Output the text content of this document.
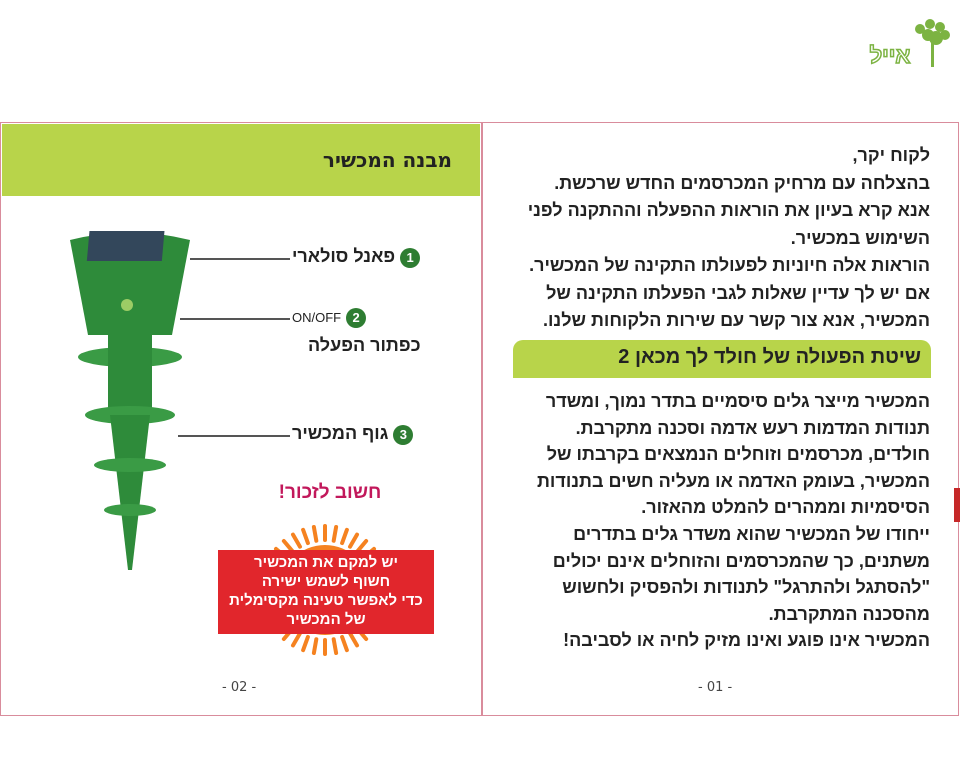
אייל
מבנה המכשיר
1 פאנל סולארי
2 ON/OFF
כפתור הפעלה
3 גוף המכשיר
חשוב לזכור!
יש למקם את המכשיר
חשוף לשמש ישירה
כדי לאפשר טעינה מקסימלית
של המכשיר
- 02 -
לקוח יקר,
בהצלחה עם מרחיק המכרסמים החדש שרכשת.
אנא קרא בעיון את הוראות ההפעלה וההתקנה לפני
השימוש במכשיר.
הוראות אלה חיוניות לפעולתו התקינה של המכשיר.
אם יש לך עדיין שאלות לגבי הפעלתו התקינה של
המכשיר, אנא צור קשר עם שירות הלקוחות שלנו.
שיטת הפעולה של חולד לך מכאן 2
המכשיר מייצר גלים סיסמיים בתדר נמוך, ומשדר
תנודות המדמות רעש אדמה וסכנה מתקרבת.
חולדים, מכרסמים וזוחלים הנמצאים בקרבתו של
המכשיר, בעומק האדמה או מעליה חשים בתנודות
הסיסמיות וממהרים להמלט מהאזור.
ייחודו של המכשיר שהוא משדר גלים בתדרים
משתנים, כך שהמכרסמים והזוחלים אינם יכולים
"להסתגל ולהתרגל" לתנודות ולהפסיק ולחשוש
מהסכנה המתקרבת.
המכשיר אינו פוגע ואינו מזיק לחיה או לסביבה!
- 01 -
